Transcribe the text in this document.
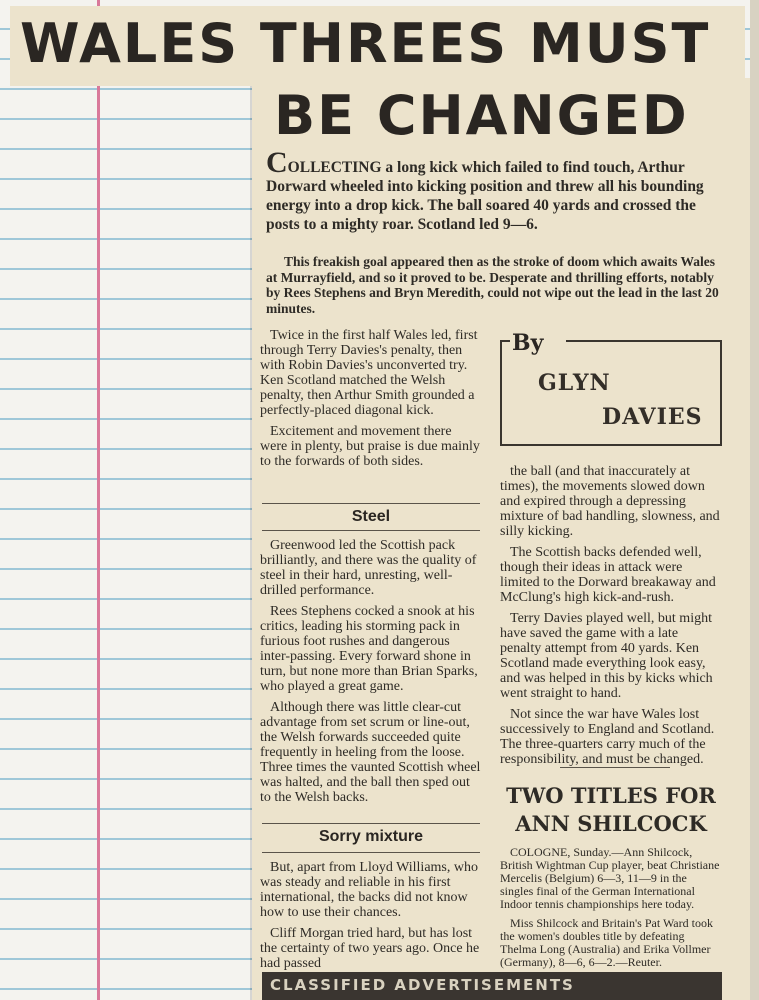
WALES THREES MUST
BE CHANGED
COLLECTING a long kick which failed to find touch, Arthur Dorward wheeled into kicking position and threw all his bounding energy into a drop kick. The ball soared 40 yards and crossed the posts to a mighty roar. Scotland led 9—6.
This freakish goal appeared then as the stroke of doom which awaits Wales at Murrayfield, and so it proved to be. Desperate and thrilling efforts, notably by Rees Stephens and Bryn Meredith, could not wipe out the lead in the last 20 minutes.

Twice in the first half Wales led, first through Terry Davies's penalty, then with Robin Davies's unconverted try. Ken Scotland matched the Welsh penalty, then Arthur Smith grounded a perfectly-placed diagonal kick.

Excitement and movement there were in plenty, but praise is due mainly to the forwards of both sides.

Steel

Greenwood led the Scottish pack brilliantly, and there was the quality of steel in their hard, unresting, well-drilled performance.

Rees Stephens cocked a snook at his critics, leading his storming pack in furious foot rushes and dangerous inter-passing. Every forward shone in turn, but none more than Brian Sparks, who played a great game.

Although there was little clear-cut advantage from set scrum or line-out, the Welsh forwards succeeded quite frequently in heeling from the loose. Three times the vaunted Scottish wheel was halted, and the ball then sped out to the Welsh backs.

Sorry mixture

But, apart from Lloyd Williams, who was steady and reliable in his first international, the backs did not know how to use their chances.

Cliff Morgan tried hard, but has lost the certainty of two years ago. Once he had passed

By
GLYN
DAVIES

the ball (and that inaccurately at times), the movements slowed down and expired through a depressing mixture of bad handling, slowness, and silly kicking.

The Scottish backs defended well, though their ideas in attack were limited to the Dorward breakaway and McClung's high kick-and-rush.

Terry Davies played well, but might have saved the game with a late penalty attempt from 40 yards. Ken Scotland made everything look easy, and was helped in this by kicks which went straight to hand.

Not since the war have Wales lost successively to England and Scotland. The three-quarters carry much of the responsibility, and must be changed.

TWO TITLES FOR ANN SHILCOCK

COLOGNE, Sunday.—Ann Shilcock, British Wightman Cup player, beat Christiane Mercelis (Belgium) 6—3, 11—9 in the singles final of the German International Indoor tennis championships here today.

Miss Shilcock and Britain's Pat Ward took the women's doubles title by defeating Thelma Long (Australia) and Erika Vollmer (Germany), 8—6, 6—2.—Reuter.

CLASSIFIED ADVERTISEMENTS
